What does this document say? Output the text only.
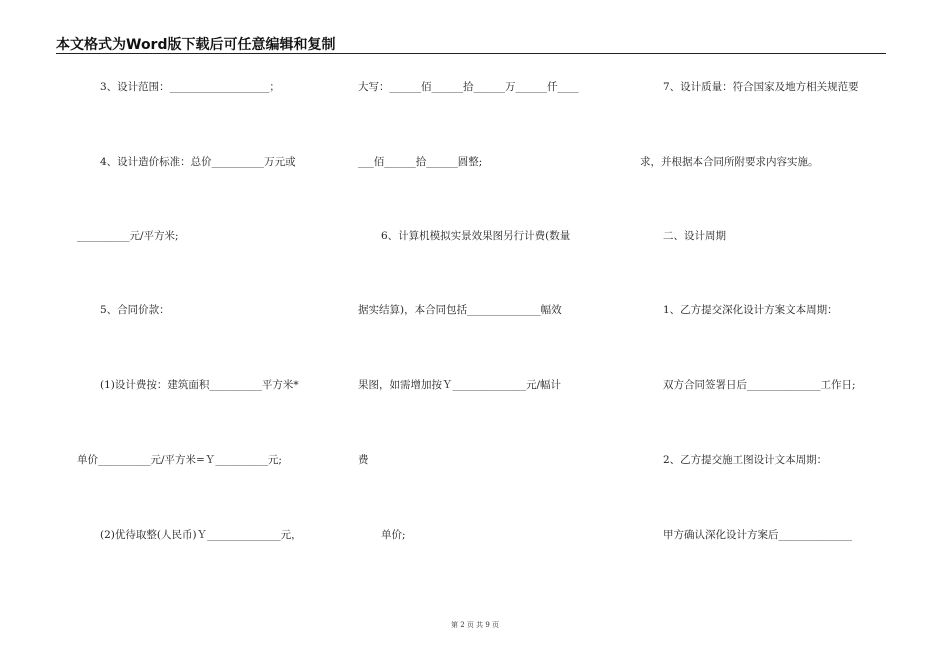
本文格式为Word版下载后可任意编辑和复制
3、设计范围：___________________；
4、设计造价标准：总价__________万元或
__________元/平方米;
5、合同价款：
(1)设计费按：建筑面积__________平方米*
单价__________元/平方米=Ｙ__________元;
(2)优待取整(人民币)Ｙ______________元，
大写：______佰______拾______万______仟____
___佰______拾______圆整;
6、计算机模拟实景效果图另行计费(数量
据实结算)，本合同包括______________幅效
果图，如需增加按Ｙ______________元/幅计
费
单价;
7、设计质量：符合国家及地方相关规范要
求，并根据本合同所附要求内容实施。
二、设计周期
1、乙方提交深化设计方案文本周期：
双方合同签署日后______________工作日;
2、乙方提交施工图设计文本周期：
甲方确认深化设计方案后______________
第 2 页 共 9 页
